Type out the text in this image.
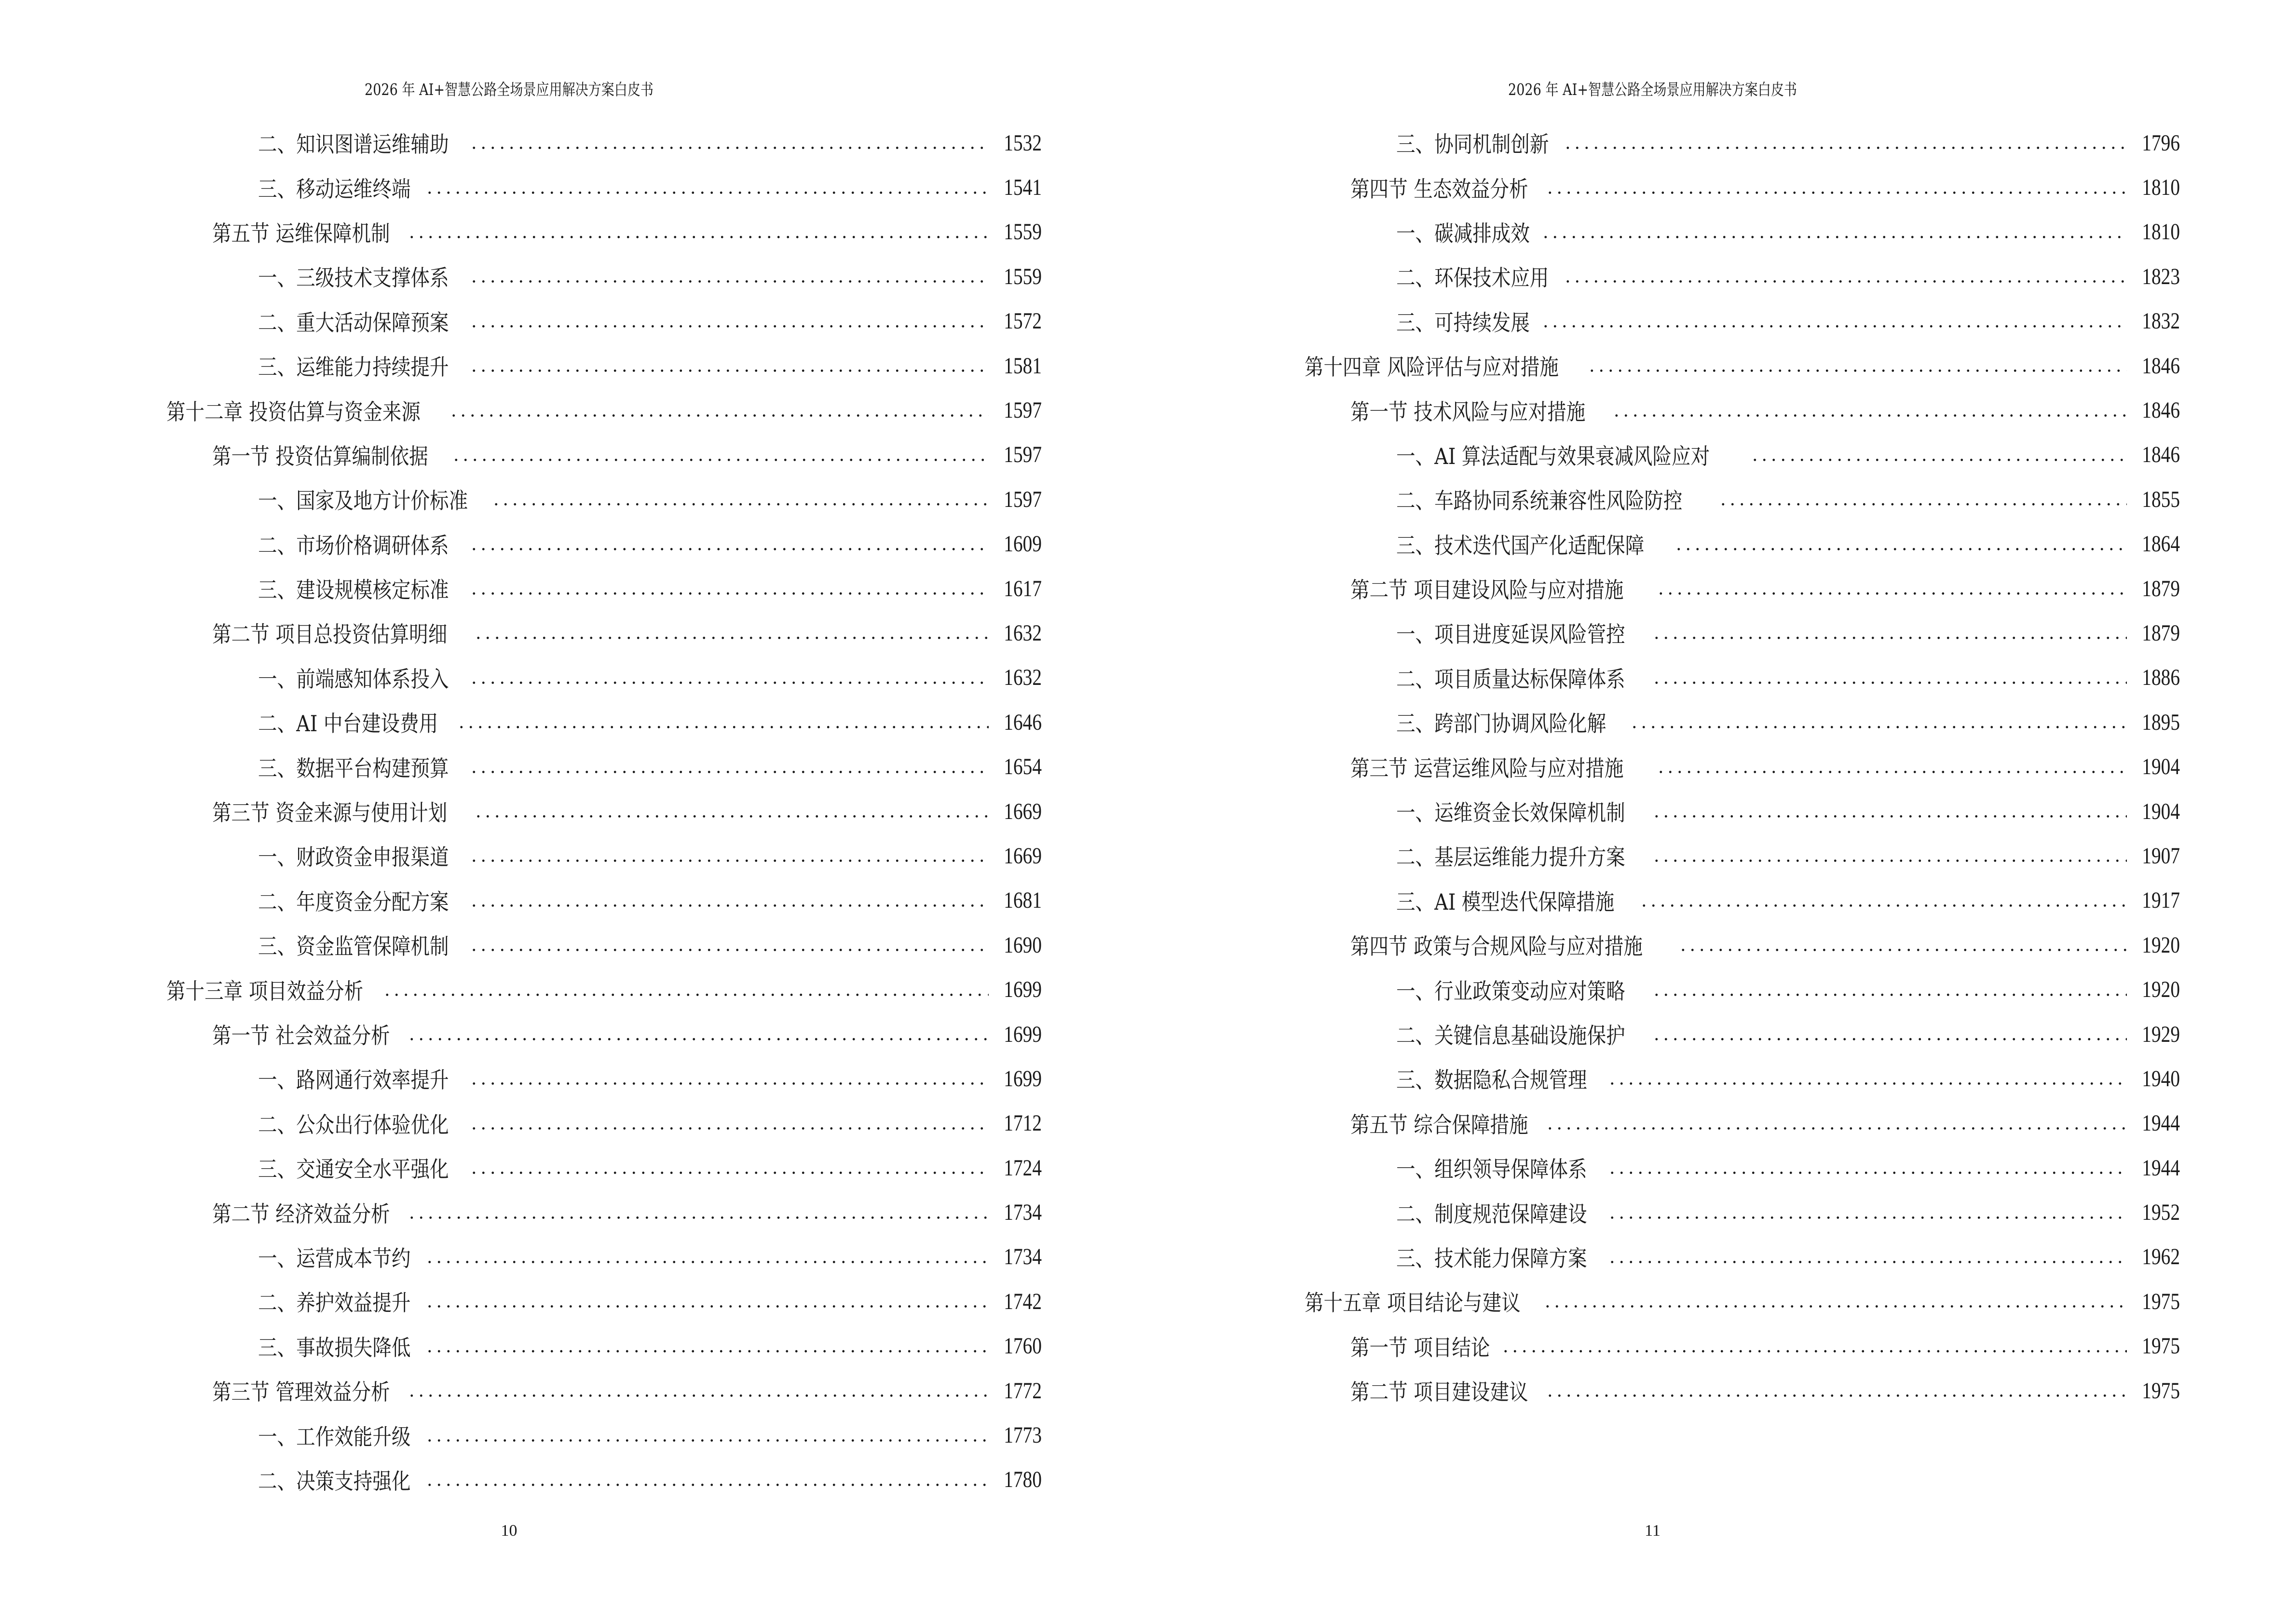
2026 年 AI+智慧公路全场景应用解决方案白皮书
二、知识图谱运维辅助	1532
三、移动运维终端	1541
第五节 运维保障机制	1559
一、三级技术支撑体系	1559
二、重大活动保障预案	1572
三、运维能力持续提升	1581
第十二章 投资估算与资金来源	1597
第一节 投资估算编制依据	1597
一、国家及地方计价标准	1597
二、市场价格调研体系	1609
三、建设规模核定标准	1617
第二节 项目总投资估算明细	1632
一、前端感知体系投入	1632
二、AI 中台建设费用	1646
三、数据平台构建预算	1654
第三节 资金来源与使用计划	1669
一、财政资金申报渠道	1669
二、年度资金分配方案	1681
三、资金监管保障机制	1690
第十三章 项目效益分析	1699
第一节 社会效益分析	1699
一、路网通行效率提升	1699
二、公众出行体验优化	1712
三、交通安全水平强化	1724
第二节 经济效益分析	1734
一、运营成本节约	1734
二、养护效益提升	1742
三、事故损失降低	1760
第三节 管理效益分析	1772
一、工作效能升级	1773
二、决策支持强化	1780
10
2026 年 AI+智慧公路全场景应用解决方案白皮书
三、协同机制创新	1796
第四节 生态效益分析	1810
一、碳减排成效	1810
二、环保技术应用	1823
三、可持续发展	1832
第十四章 风险评估与应对措施	1846
第一节 技术风险与应对措施	1846
一、AI 算法适配与效果衰减风险应对	1846
二、车路协同系统兼容性风险防控	1855
三、技术迭代国产化适配保障	1864
第二节 项目建设风险与应对措施	1879
一、项目进度延误风险管控	1879
二、项目质量达标保障体系	1886
三、跨部门协调风险化解	1895
第三节 运营运维风险与应对措施	1904
一、运维资金长效保障机制	1904
二、基层运维能力提升方案	1907
三、AI 模型迭代保障措施	1917
第四节 政策与合规风险与应对措施	1920
一、行业政策变动应对策略	1920
二、关键信息基础设施保护	1929
三、数据隐私合规管理	1940
第五节 综合保障措施	1944
一、组织领导保障体系	1944
二、制度规范保障建设	1952
三、技术能力保障方案	1962
第十五章 项目结论与建议	1975
第一节 项目结论	1975
第二节 项目建设建议	1975
11
